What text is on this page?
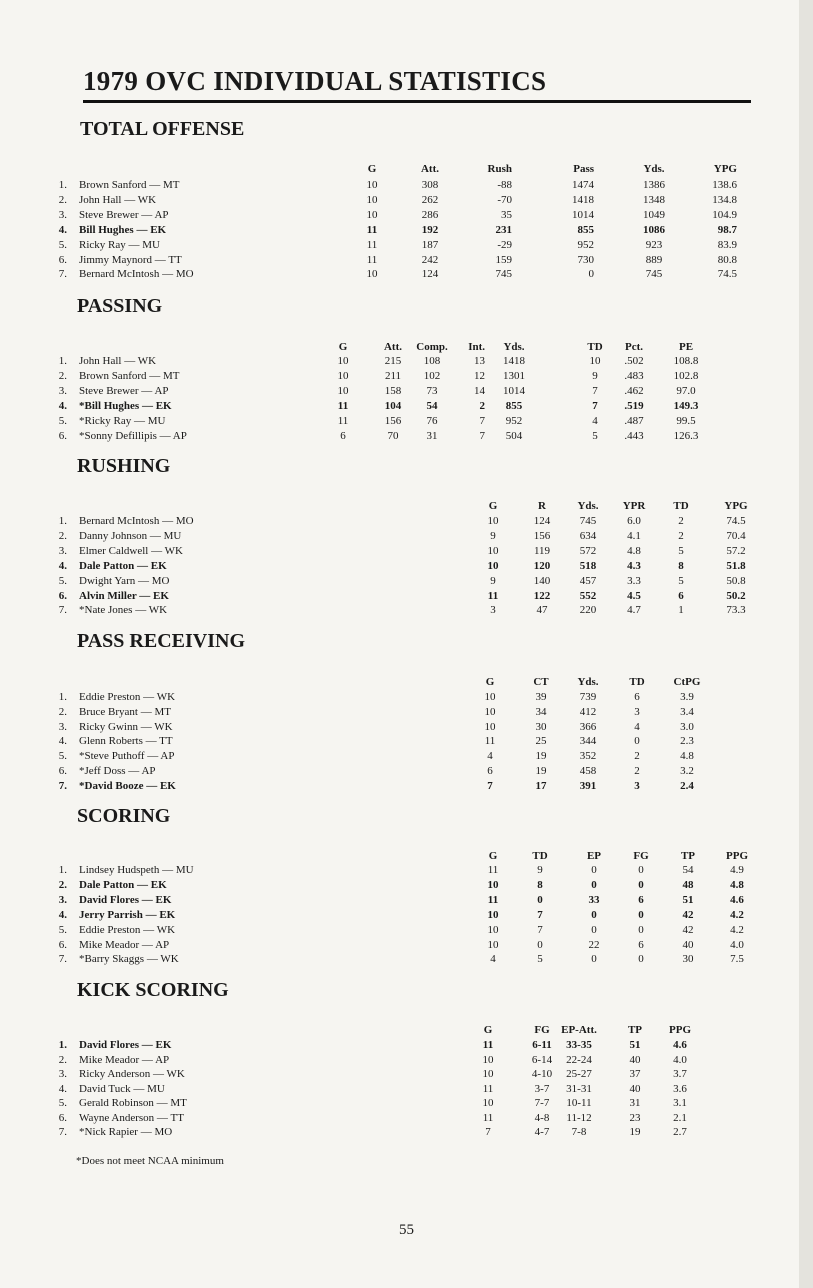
1979 OVC INDIVIDUAL STATISTICS
TOTAL OFFENSE
G	Att.	Rush	Pass	Yds.	YPG
1. Brown Sanford — MT	10	308	-88	1474	1386	138.6
2. John Hall — WK	10	262	-70	1418	1348	134.8
3. Steve Brewer — AP	10	286	35	1014	1049	104.9
4. Bill Hughes — EK	11	192	231	855	1086	98.7
5. Ricky Ray — MU	11	187	-29	952	923	83.9
6. Jimmy Maynord — TT	11	242	159	730	889	80.8
7. Bernard McIntosh — MO	10	124	745	0	745	74.5
PASSING
G	Att.	Comp.	Int.	Yds.	TD	Pct.	PE
1. John Hall — WK	10	215	108	13	1418	10	.502	108.8
2. Brown Sanford — MT	10	211	102	12	1301	9	.483	102.8
3. Steve Brewer — AP	10	158	73	14	1014	7	.462	97.0
4. *Bill Hughes — EK	11	104	54	2	855	7	.519	149.3
5. *Ricky Ray — MU	11	156	76	7	952	4	.487	99.5
6. *Sonny Defillipis — AP	6	70	31	7	504	5	.443	126.3
RUSHING
G	R	Yds.	YPR	TD	YPG
1. Bernard McIntosh — MO	10	124	745	6.0	2	74.5
2. Danny Johnson — MU	9	156	634	4.1	2	70.4
3. Elmer Caldwell — WK	10	119	572	4.8	5	57.2
4. Dale Patton — EK	10	120	518	4.3	8	51.8
5. Dwight Yarn — MO	9	140	457	3.3	5	50.8
6. Alvin Miller — EK	11	122	552	4.5	6	50.2
7. *Nate Jones — WK	3	47	220	4.7	1	73.3
PASS RECEIVING
G	CT	Yds.	TD	CtPG
1. Eddie Preston — WK	10	39	739	6	3.9
2. Bruce Bryant — MT	10	34	412	3	3.4
3. Ricky Gwinn — WK	10	30	366	4	3.0
4. Glenn Roberts — TT	11	25	344	0	2.3
5. *Steve Puthoff — AP	4	19	352	2	4.8
6. *Jeff Doss — AP	6	19	458	2	3.2
7. *David Booze — EK	7	17	391	3	2.4
SCORING
G	TD	EP	FG	TP	PPG
1. Lindsey Hudspeth — MU	11	9	0	0	54	4.9
2. Dale Patton — EK	10	8	0	0	48	4.8
3. David Flores — EK	11	0	33	6	51	4.6
4. Jerry Parrish — EK	10	7	0	0	42	4.2
5. Eddie Preston — WK	10	7	0	0	42	4.2
6. Mike Meador — AP	10	0	22	6	40	4.0
7. *Barry Skaggs — WK	4	5	0	0	30	7.5
KICK SCORING
G	FG	EP-Att.	TP	PPG
1. David Flores — EK	11	6-11	33-35	51	4.6
2. Mike Meador — AP	10	6-14	22-24	40	4.0
3. Ricky Anderson — WK	10	4-10	25-27	37	3.7
4. David Tuck — MU	11	3-7	31-31	40	3.6
5. Gerald Robinson — MT	10	7-7	10-11	31	3.1
6. Wayne Anderson — TT	11	4-8	11-12	23	2.1
7. *Nick Rapier — MO	7	4-7	7-8	19	2.7
*Does not meet NCAA minimum
55
